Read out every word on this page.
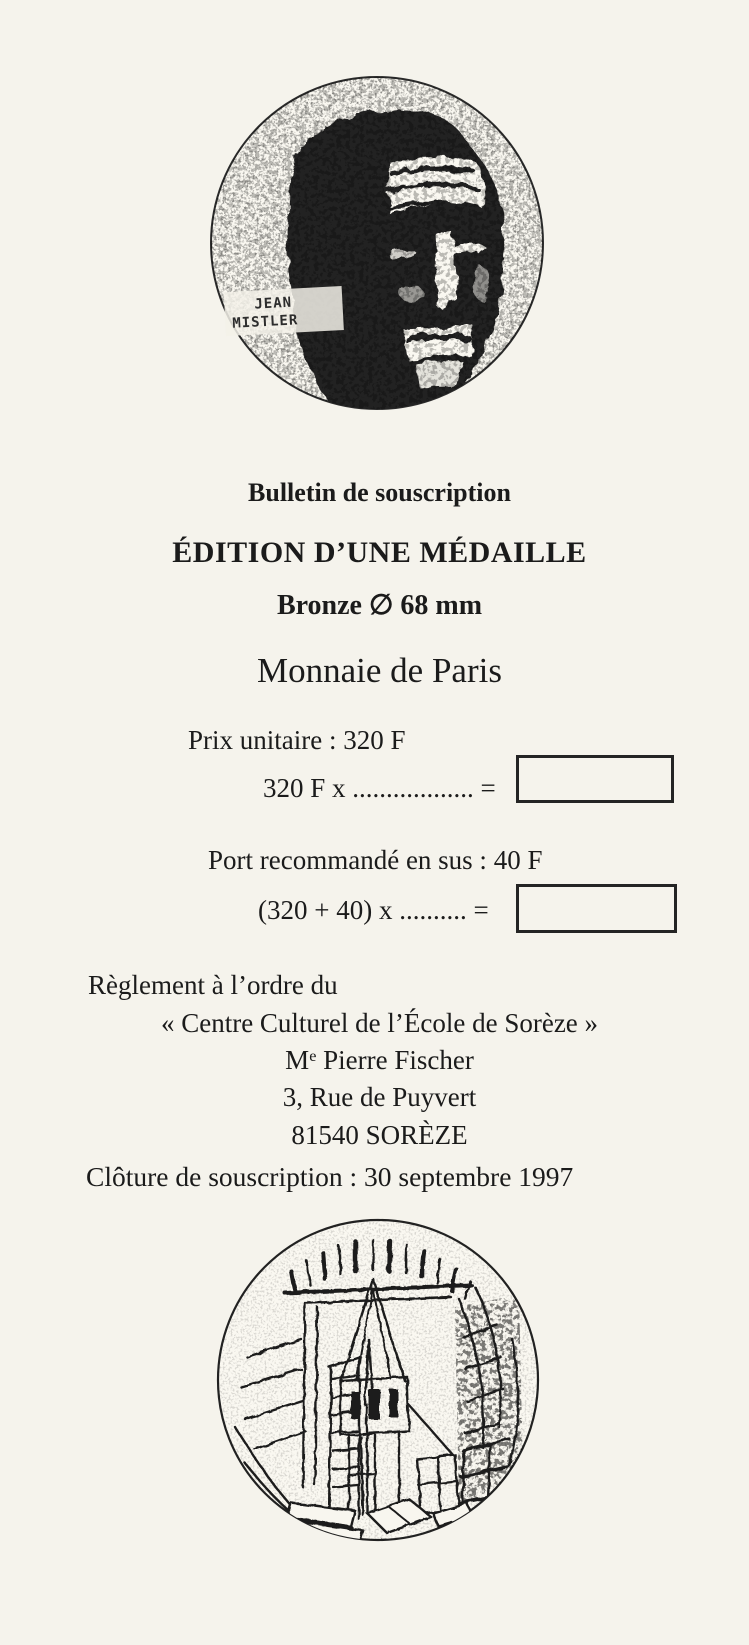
JEAN
MISTLER
Bulletin de souscription
ÉDITION D’UNE MÉDAILLE
Bronze ∅ 68 mm
Monnaie de Paris
Prix unitaire : 320 F
320 F x .................. =
Port recommandé en sus : 40 F
(320 + 40) x .......... =
Règlement à l’ordre du
« Centre Culturel de l’École de Sorèze »
Me Pierre Fischer
3, Rue de Puyvert
81540 SORÈZE
Clôture de souscription : 30 septembre 1997
